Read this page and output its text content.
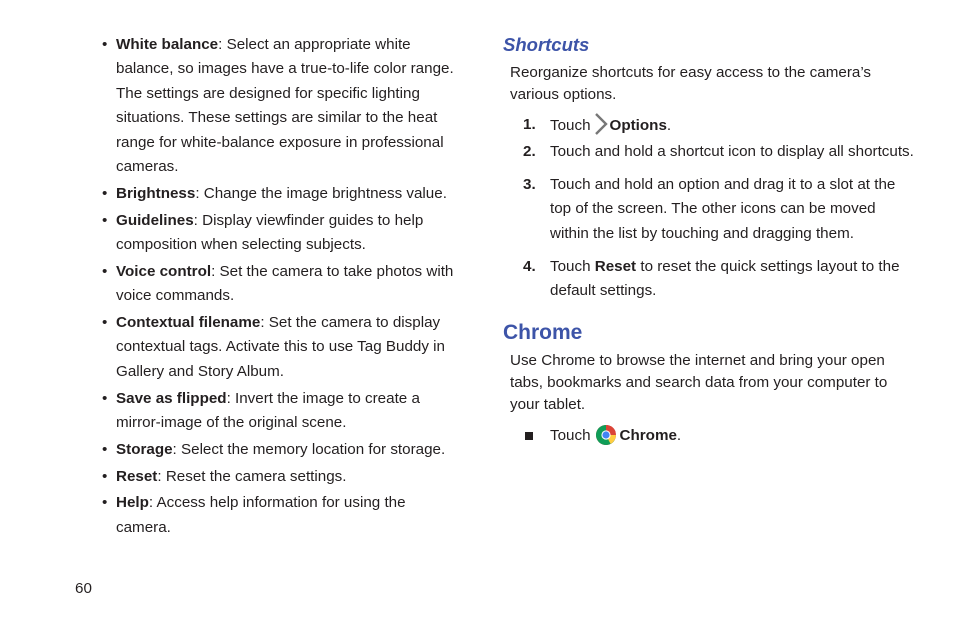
• White balance: Select an appropriate white balance, so images have a true-to-life color range. The settings are designed for specific lighting situations. These settings are similar to the heat range for white-balance exposure in professional cameras.
• Brightness: Change the image brightness value.
• Guidelines: Display viewfinder guides to help composition when selecting subjects.
• Voice control: Set the camera to take photos with voice commands.
• Contextual filename: Set the camera to display contextual tags. Activate this to use Tag Buddy in Gallery and Story Album.
• Save as flipped: Invert the image to create a mirror-image of the original scene.
• Storage: Select the memory location for storage.
• Reset: Reset the camera settings.
• Help: Access help information for using the camera.
Shortcuts

Reorganize shortcuts for easy access to the camera’s various options.

1. Touch Options.
2. Touch and hold a shortcut icon to display all shortcuts.
3. Touch and hold an option and drag it to a slot at the top of the screen. The other icons can be moved within the list by touching and dragging them.
4. Touch Reset to reset the quick settings layout to the default settings.
Chrome

Use Chrome to browse the internet and bring your open tabs, bookmarks and search data from your computer to your tablet.

Touch Chrome.
60
